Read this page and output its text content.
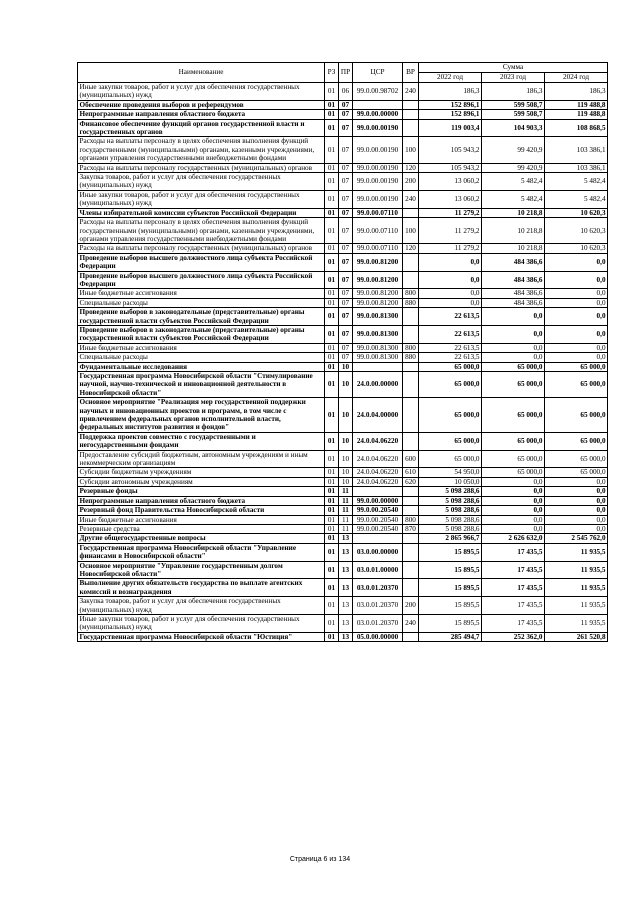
Наименование	РЗ	ПР	ЦСР	ВР	Сумма		
					2022 год	2023 год	2024 год
Иные закупки товаров, работ и услуг для обеспечения государственных (муниципальных) нужд	01	06	99.0.00.98702	240	186,3	186,3	186,3
Обеспечение проведения выборов и референдумов	01	07			152 896,1	599 508,7	119 488,8
Непрограммные направления областного бюджета	01	07	99.0.00.00000		152 896,1	599 508,7	119 488,8
Финансовое обеспечение функций органов государственной власти и государственных органов	01	07	99.0.00.00190		119 003,4	104 903,3	108 868,5
Расходы на выплаты персоналу в целях обеспечения выполнения функций государственными (муниципальными) органами, казенными учреждениями, органами управления государственными внебюджетными фондами	01	07	99.0.00.00190	100	105 943,2	99 420,9	103 386,1
Расходы на выплаты персоналу государственных (муниципальных) органов	01	07	99.0.00.00190	120	105 943,2	99 420,9	103 386,1
Закупка товаров, работ и услуг для обеспечения государственных (муниципальных) нужд	01	07	99.0.00.00190	200	13 060,2	5 482,4	5 482,4
Иные закупки товаров, работ и услуг для обеспечения государственных (муниципальных) нужд	01	07	99.0.00.00190	240	13 060,2	5 482,4	5 482,4
Члены избирательной комиссии субъектов Российской Федерации	01	07	99.0.00.07110		11 279,2	10 218,8	10 620,3
Расходы на выплаты персоналу в целях обеспечения выполнения функций государственными (муниципальными) органами, казенными учреждениями, органами управления государственными внебюджетными фондами	01	07	99.0.00.07110	100	11 279,2	10 218,8	10 620,3
Расходы на выплаты персоналу государственных (муниципальных) органов	01	07	99.0.00.07110	120	11 279,2	10 218,8	10 620,3
Проведение выборов высшего должностного лица субъекта Российской Федерации	01	07	99.0.00.81200		0,0	484 386,6	0,0
Проведение выборов высшего должностного лица субъекта Российской Федерации	01	07	99.0.00.81200		0,0	484 386,6	0,0
Иные бюджетные ассигнования	01	07	99.0.00.81200	800	0,0	484 386,6	0,0
Специальные расходы	01	07	99.0.00.81200	880	0,0	484 386,6	0,0
Проведение выборов в законодательные (представительные) органы государственной власти субъектов Российской Федерации	01	07	99.0.00.81300		22 613,5	0,0	0,0
Проведение выборов в законодательные (представительные) органы государственной власти субъектов Российской Федерации	01	07	99.0.00.81300		22 613,5	0,0	0,0
Иные бюджетные ассигнования	01	07	99.0.00.81300	800	22 613,5	0,0	0,0
Специальные расходы	01	07	99.0.00.81300	880	22 613,5	0,0	0,0
Фундаментальные исследования	01	10			65 000,0	65 000,0	65 000,0
Государственная программа Новосибирской области "Стимулирование научной, научно-технической и инновационной деятельности в Новосибирской области"	01	10	24.0.00.00000		65 000,0	65 000,0	65 000,0
Основное мероприятие "Реализация мер государственной поддержки научных и инновационных проектов и программ, в том числе с привлечением федеральных органов исполнительной власти, федеральных институтов развития и фондов"	01	10	24.0.04.00000		65 000,0	65 000,0	65 000,0
Поддержка проектов совместно с государственными и негосударственными фондами	01	10	24.0.04.06220		65 000,0	65 000,0	65 000,0
Предоставление субсидий бюджетным, автономным учреждениям и иным некоммерческим организациям	01	10	24.0.04.06220	600	65 000,0	65 000,0	65 000,0
Субсидии бюджетным учреждениям	01	10	24.0.04.06220	610	54 950,0	65 000,0	65 000,0
Субсидии автономным учреждениям	01	10	24.0.04.06220	620	10 050,0	0,0	0,0
Резервные фонды	01	11			5 098 288,6	0,0	0,0
Непрограммные направления областного бюджета	01	11	99.0.00.00000		5 098 288,6	0,0	0,0
Резервный фонд Правительства Новосибирской области	01	11	99.0.00.20540		5 098 288,6	0,0	0,0
Иные бюджетные ассигнования	01	11	99.0.00.20540	800	5 098 288,6	0,0	0,0
Резервные средства	01	11	99.0.00.20540	870	5 098 288,6	0,0	0,0
Другие общегосударственные вопросы	01	13			2 865 966,7	2 626 632,0	2 545 762,0
Государственная программа Новосибирской области "Управление финансами в Новосибирской области"	01	13	03.0.00.00000		15 895,5	17 435,5	11 935,5
Основное мероприятие "Управление государственным долгом Новосибирской области"	01	13	03.0.01.00000		15 895,5	17 435,5	11 935,5
Выполнение других обязательств государства по выплате агентских комиссий и вознаграждения	01	13	03.0.01.20370		15 895,5	17 435,5	11 935,5
Закупка товаров, работ и услуг для обеспечения государственных (муниципальных) нужд	01	13	03.0.01.20370	200	15 895,5	17 435,5	11 935,5
Иные закупки товаров, работ и услуг для обеспечения государственных (муниципальных) нужд	01	13	03.0.01.20370	240	15 895,5	17 435,5	11 935,5
Государственная программа Новосибирской области "Юстиция"	01	13	05.0.00.00000		285 494,7	252 362,0	261 520,8
Страница 6 из 134
